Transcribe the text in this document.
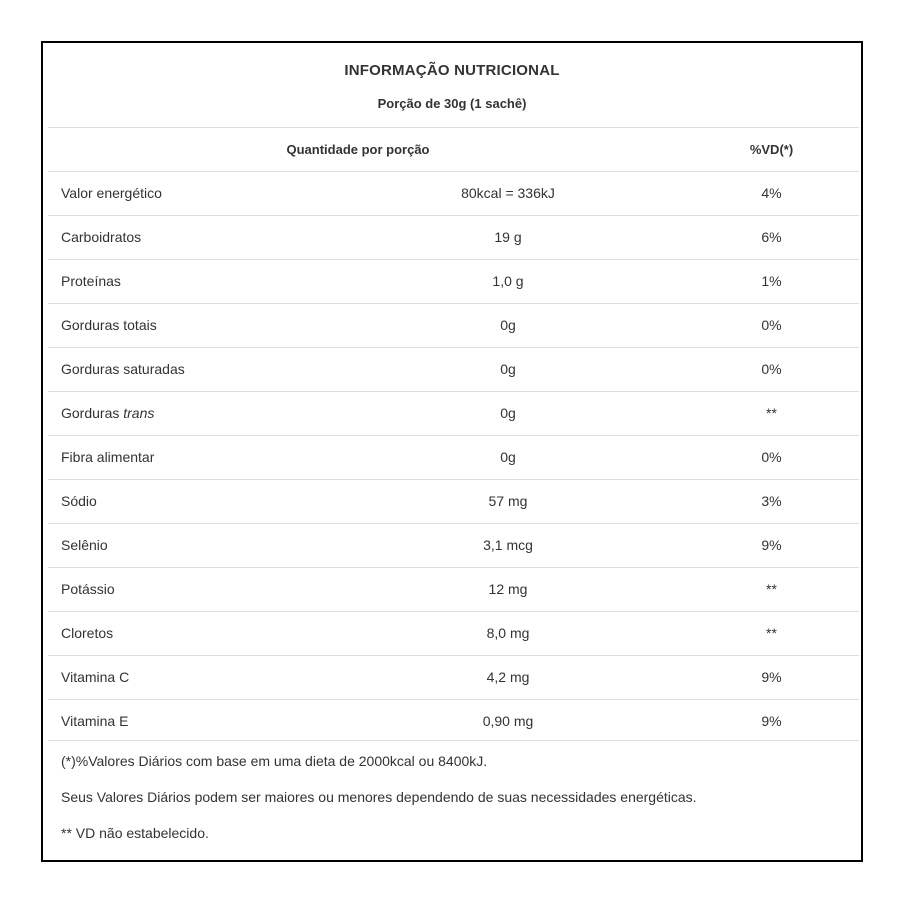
INFORMAÇÃO NUTRICIONAL
Porção de 30g (1 sachê)
Quantidade por porção	%VD(*)
Valor energético	80kcal = 336kJ	4%
Carboidratos	19 g	6%
Proteínas	1,0 g	1%
Gorduras totais	0g	0%
Gorduras saturadas	0g	0%
Gorduras trans	0g	**
Fibra alimentar	0g	0%
Sódio	57 mg	3%
Selênio	3,1 mcg	9%
Potássio	12 mg	**
Cloretos	8,0 mg	**
Vitamina C	4,2 mg	9%
Vitamina E	0,90 mg	9%

(*)%Valores Diários com base em uma dieta de 2000kcal ou 8400kJ.

Seus Valores Diários podem ser maiores ou menores dependendo de suas necessidades energéticas.

** VD não estabelecido.
